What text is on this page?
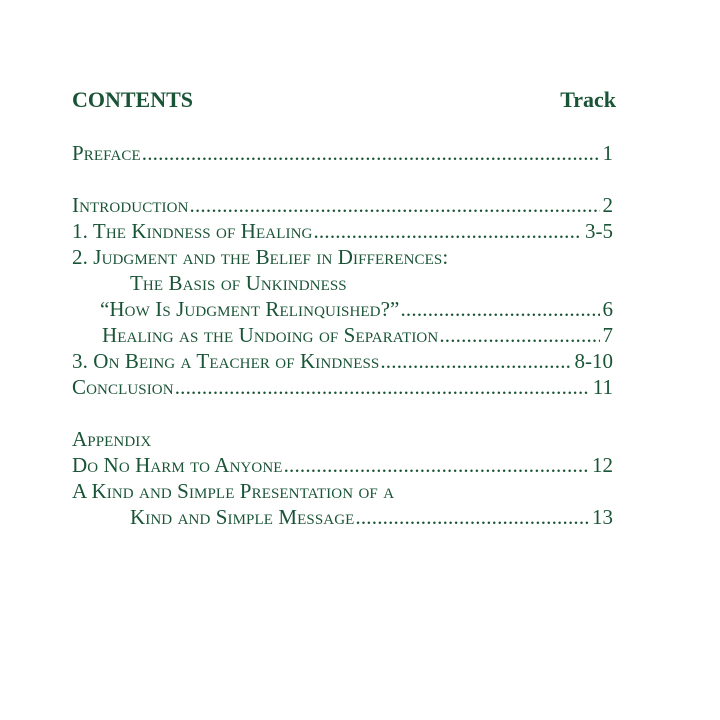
CONTENTS	Track
Preface .....	1
Introduction .....	2
1. The Kindness of Healing .....	3-5
2. Judgment and the Belief in Differences:
The Basis of Unkindness
“How Is Judgment Relinquished?” .....	6
Healing as the Undoing of Separation .....	7
3. On Being a Teacher of Kindness .....	8-10
Conclusion .....	11
Appendix
Do No Harm to Anyone .....	12
A Kind and Simple Presentation of a
Kind and Simple Message .....	13
